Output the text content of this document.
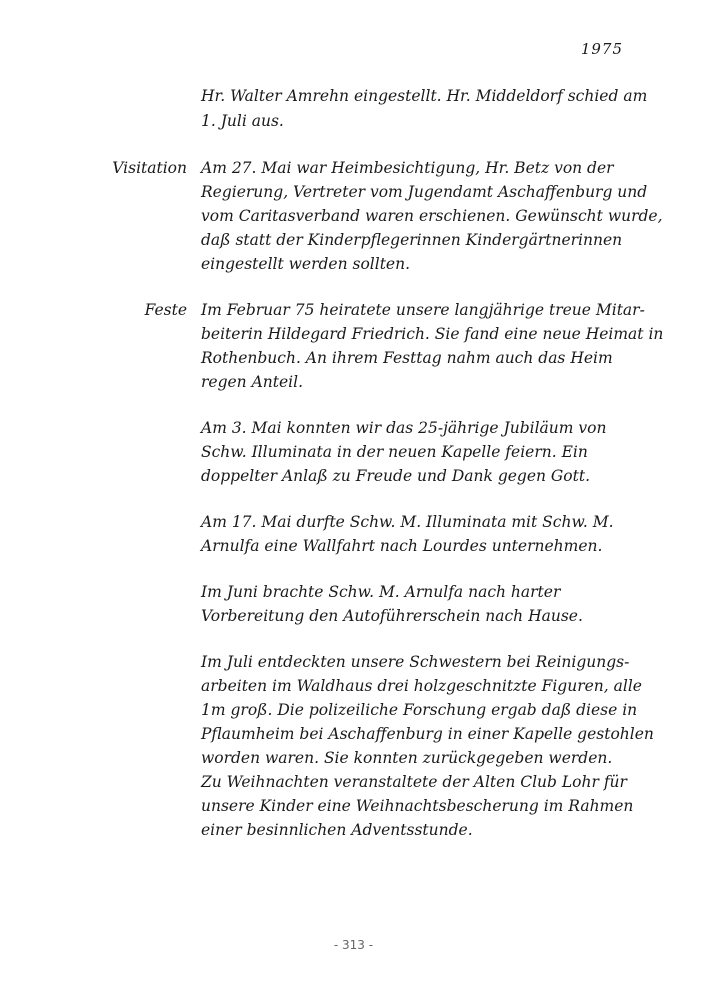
1975
Hr. Walter Amrehn eingestellt. Hr. Middeldorf schied am
1. Juli aus.
Visitation Am 27. Mai war Heimbesichtigung, Hr. Betz von der
Regierung, Vertreter vom Jugendamt Aschaffenburg und
vom Caritasverband waren erschienen. Gewünscht wurde,
daß statt der Kinderpflegerinnen Kindergärtnerinnen
eingestellt werden sollten.
Feste Im Februar 75 heiratete unsere langjährige treue Mitar-
beiterin Hildegard Friedrich. Sie fand eine neue Heimat in
Rothenbuch. An ihrem Festtag nahm auch das Heim
regen Anteil.
Am 3. Mai konnten wir das 25-jährige Jubiläum von
Schw. Illuminata in der neuen Kapelle feiern. Ein
doppelter Anlaß zu Freude und Dank gegen Gott.
Am 17. Mai durfte Schw. M. Illuminata mit Schw. M.
Arnulfa eine Wallfahrt nach Lourdes unternehmen.
Im Juni brachte Schw. M. Arnulfa nach harter
Vorbereitung den Autoführerschein nach Hause.
Im Juli entdeckten unsere Schwestern bei Reinigungs-
arbeiten im Waldhaus drei holzgeschnitzte Figuren, alle
1m groß. Die polizeiliche Forschung ergab daß diese in
Pflaumheim bei Aschaffenburg in einer Kapelle gestohlen
worden waren. Sie konnten zurückgegeben werden.
Zu Weihnachten veranstaltete der Alten Club Lohr für
unsere Kinder eine Weihnachtsbescherung im Rahmen
einer besinnlichen Adventsstunde.
- 313 -
